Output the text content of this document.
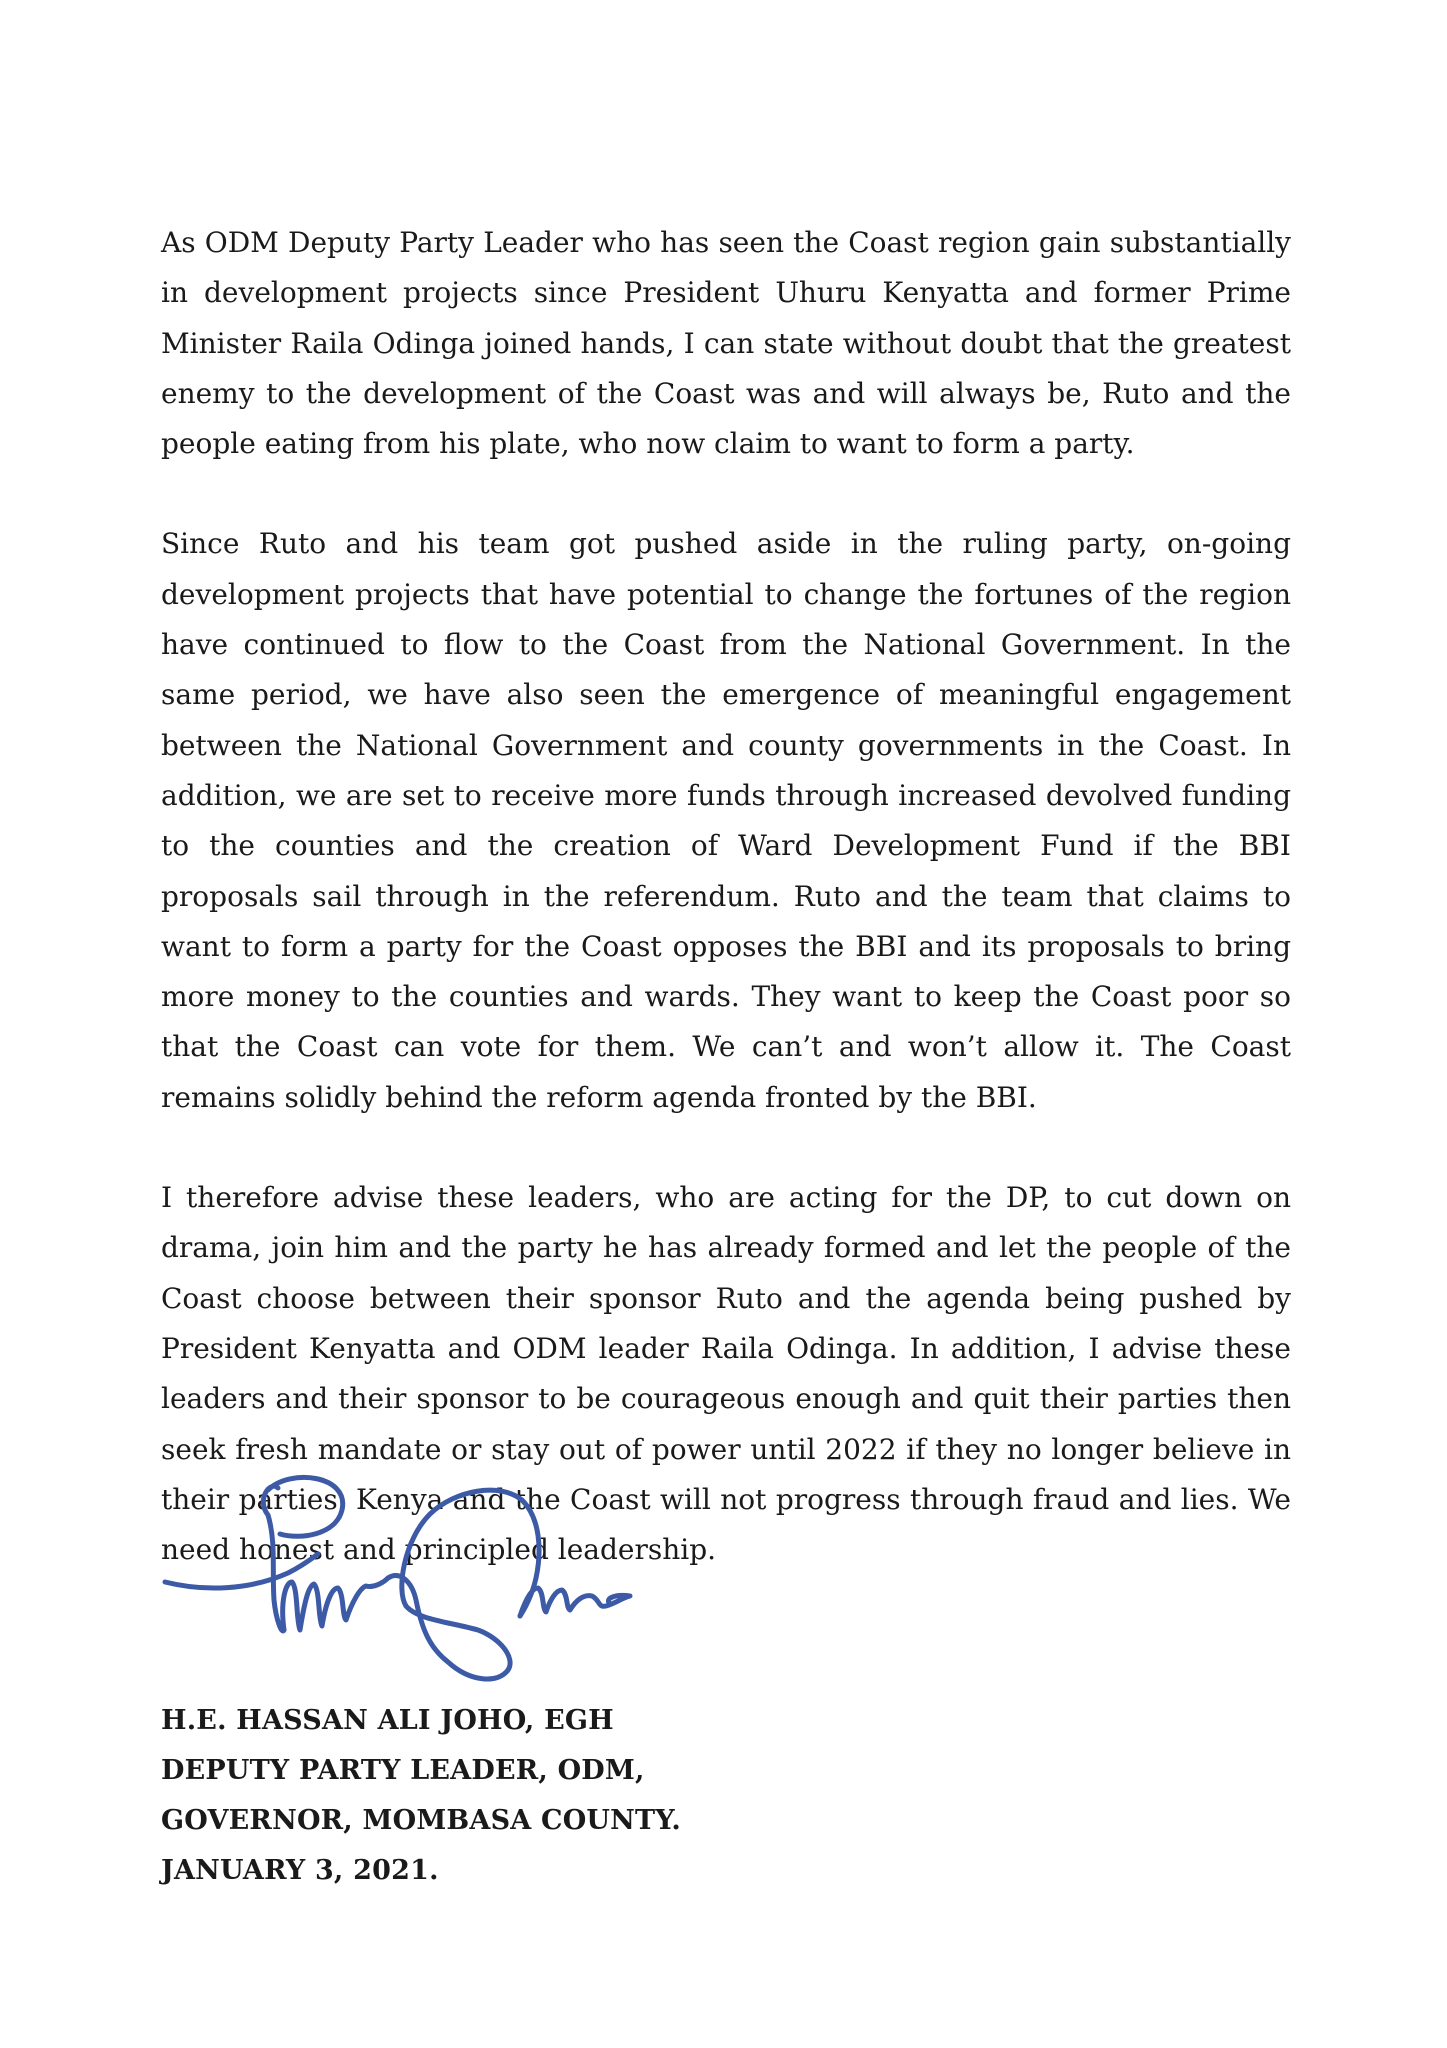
As ODM Deputy Party Leader who has seen the Coast region gain substantially in development projects since President Uhuru Kenyatta and former Prime Minister Raila Odinga joined hands, I can state without doubt that the greatest enemy to the development of the Coast was and will always be, Ruto and the people eating from his plate, who now claim to want to form a party.

Since Ruto and his team got pushed aside in the ruling party, on-going development projects that have potential to change the fortunes of the region have continued to flow to the Coast from the National Government. In the same period, we have also seen the emergence of meaningful engagement between the National Government and county governments in the Coast. In addition, we are set to receive more funds through increased devolved funding to the counties and the creation of Ward Development Fund if the BBI proposals sail through in the referendum. Ruto and the team that claims to want to form a party for the Coast opposes the BBI and its proposals to bring more money to the counties and wards. They want to keep the Coast poor so that the Coast can vote for them. We can’t and won’t allow it. The Coast remains solidly behind the reform agenda fronted by the BBI.

I therefore advise these leaders, who are acting for the DP, to cut down on drama, join him and the party he has already formed and let the people of the Coast choose between their sponsor Ruto and the agenda being pushed by President Kenyatta and ODM leader Raila Odinga. In addition, I advise these leaders and their sponsor to be courageous enough and quit their parties then seek fresh mandate or stay out of power until 2022 if they no longer believe in their parties. Kenya and the Coast will not progress through fraud and lies. We need honest and principled leadership.

H.E. HASSAN ALI JOHO, EGH

DEPUTY PARTY LEADER, ODM,

GOVERNOR, MOMBASA COUNTY.

JANUARY 3, 2021.
